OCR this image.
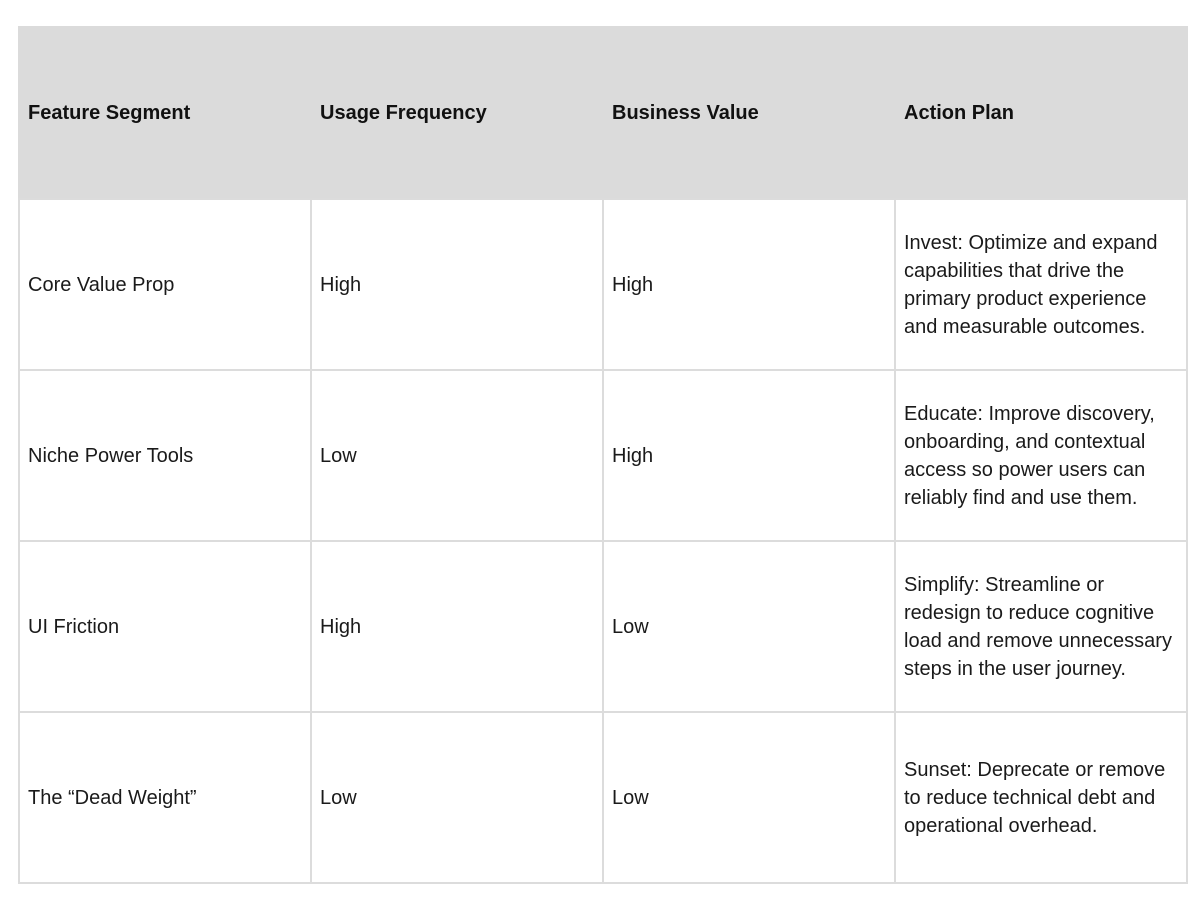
Feature Segment	Usage Frequency	Business Value	Action Plan
Core Value Prop	High	High	Invest: Optimize and expand capabilities that drive the primary product experience and measurable outcomes.
Niche Power Tools	Low	High	Educate: Improve discovery, onboarding, and contextual access so power users can reliably find and use them.
UI Friction	High	Low	Simplify: Streamline or redesign to reduce cognitive load and remove unnecessary steps in the user journey.
The “Dead Weight”	Low	Low	Sunset: Deprecate or remove to reduce technical debt and operational overhead.
